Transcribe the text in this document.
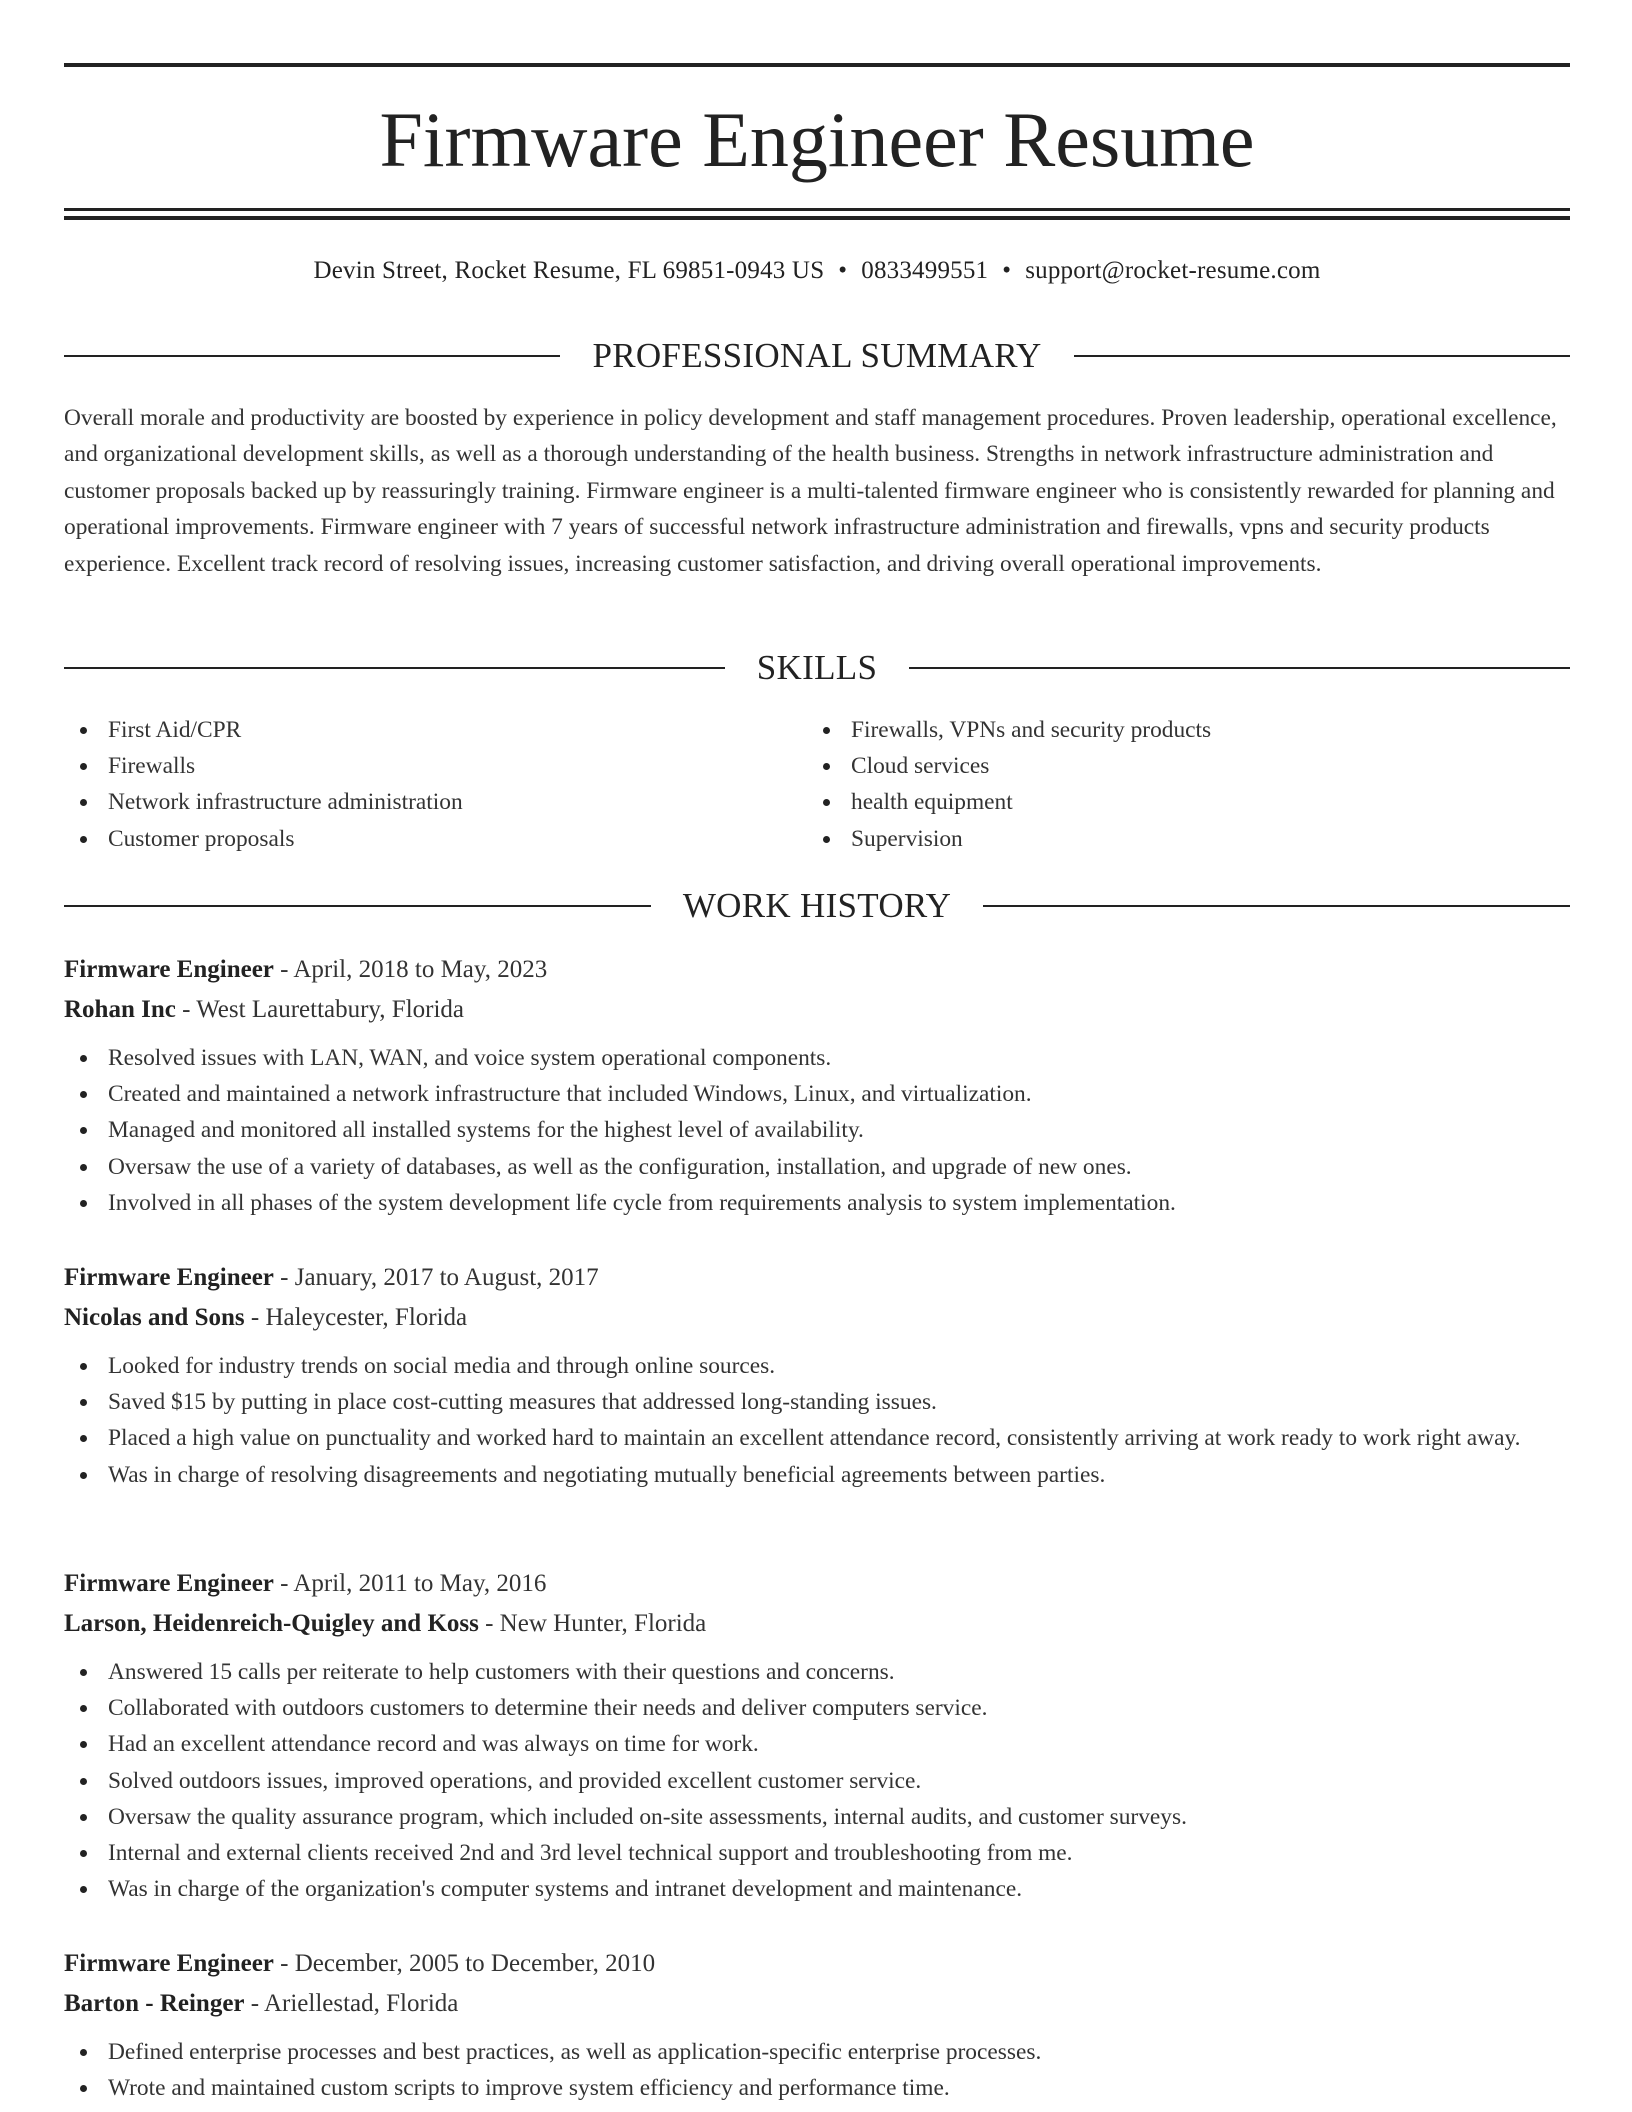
Firmware Engineer Resume
Devin Street, Rocket Resume, FL 69851-0943 US • 0833499551 • support@rocket-resume.com
PROFESSIONAL SUMMARY

Overall morale and productivity are boosted by experience in policy development and staff management procedures. Proven leadership, operational excellence, and organizational development skills, as well as a thorough understanding of the health business. Strengths in network infrastructure administration and customer proposals backed up by reassuringly training. Firmware engineer is a multi-talented firmware engineer who is consistently rewarded for planning and operational improvements. Firmware engineer with 7 years of successful network infrastructure administration and firewalls, vpns and security products experience. Excellent track record of resolving issues, increasing customer satisfaction, and driving overall operational improvements.

SKILLS
First Aid/CPR
Firewalls
Network infrastructure administration
Customer proposals
Firewalls, VPNs and security products
Cloud services
health equipment
Supervision
WORK HISTORY
Firmware Engineer - April, 2018 to May, 2023
Rohan Inc - West Laurettabury, Florida
Resolved issues with LAN, WAN, and voice system operational components.
Created and maintained a network infrastructure that included Windows, Linux, and virtualization.
Managed and monitored all installed systems for the highest level of availability.
Oversaw the use of a variety of databases, as well as the configuration, installation, and upgrade of new ones.
Involved in all phases of the system development life cycle from requirements analysis to system implementation.
Firmware Engineer - January, 2017 to August, 2017
Nicolas and Sons - Haleycester, Florida
Looked for industry trends on social media and through online sources.
Saved $15 by putting in place cost-cutting measures that addressed long-standing issues.
Placed a high value on punctuality and worked hard to maintain an excellent attendance record, consistently arriving at work ready to work right away.
Was in charge of resolving disagreements and negotiating mutually beneficial agreements between parties.
Firmware Engineer - April, 2011 to May, 2016
Larson, Heidenreich-Quigley and Koss - New Hunter, Florida
Answered 15 calls per reiterate to help customers with their questions and concerns.
Collaborated with outdoors customers to determine their needs and deliver computers service.
Had an excellent attendance record and was always on time for work.
Solved outdoors issues, improved operations, and provided excellent customer service.
Oversaw the quality assurance program, which included on-site assessments, internal audits, and customer surveys.
Internal and external clients received 2nd and 3rd level technical support and troubleshooting from me.
Was in charge of the organization's computer systems and intranet development and maintenance.
Firmware Engineer - December, 2005 to December, 2010
Barton - Reinger - Ariellestad, Florida
Defined enterprise processes and best practices, as well as application-specific enterprise processes.
Wrote and maintained custom scripts to improve system efficiency and performance time.
